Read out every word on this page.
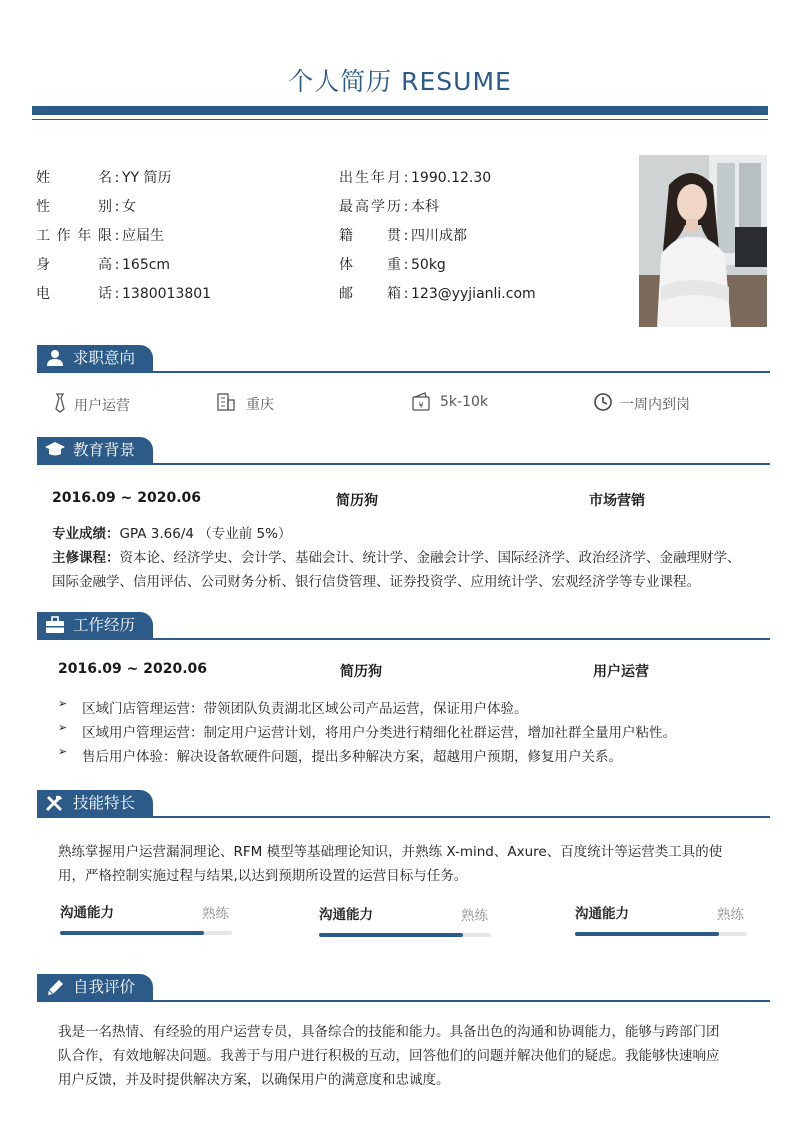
个人简历 RESUME
姓名 : YY 简历
性别 : 女
工作年限 : 应届生
身高 : 165cm
电话 : 1380013801
出生年月 : 1990.12.30
最高学历 : 本科
籍贯 : 四川成都
体重 : 50kg
邮箱 : 123@yyjianli.com
求职意向
用户运营	重庆	¥ 5k-10k	一周内到岗
教育背景
2016.09 ~ 2020.06	简历狗	市场营销
专业成绩：GPA 3.66/4 （专业前 5%）
主修课程：资本论、经济学史、会计学、基础会计、统计学、金融会计学、国际经济学、政治经济学、金融理财学、
国际金融学、信用评估、公司财务分析、银行信贷管理、证券投资学、应用统计学、宏观经济学等专业课程。
工作经历
2016.09 ~ 2020.06	简历狗	用户运营
➢ 区域门店管理运营：带领团队负责湖北区域公司产品运营，保证用户体验。
➢ 区域用户管理运营：制定用户运营计划，将用户分类进行精细化社群运营，增加社群全量用户粘性。
➢ 售后用户体验：解决设备软硬件问题，提出多种解决方案，超越用户预期，修复用户关系。
技能特长
熟练掌握用户运营漏洞理论、RFM 模型等基础理论知识，并熟练 X-mind、Axure、百度统计等运营类工具的使
用，严格控制实施过程与结果,以达到预期所设置的运营目标与任务。
沟通能力	熟练	沟通能力	熟练	沟通能力	熟练
自我评价
我是一名热情、有经验的用户运营专员，具备综合的技能和能力。具备出色的沟通和协调能力，能够与跨部门团
队合作，有效地解决问题。我善于与用户进行积极的互动，回答他们的问题并解决他们的疑虑。我能够快速响应
用户反馈，并及时提供解决方案，以确保用户的满意度和忠诚度。
